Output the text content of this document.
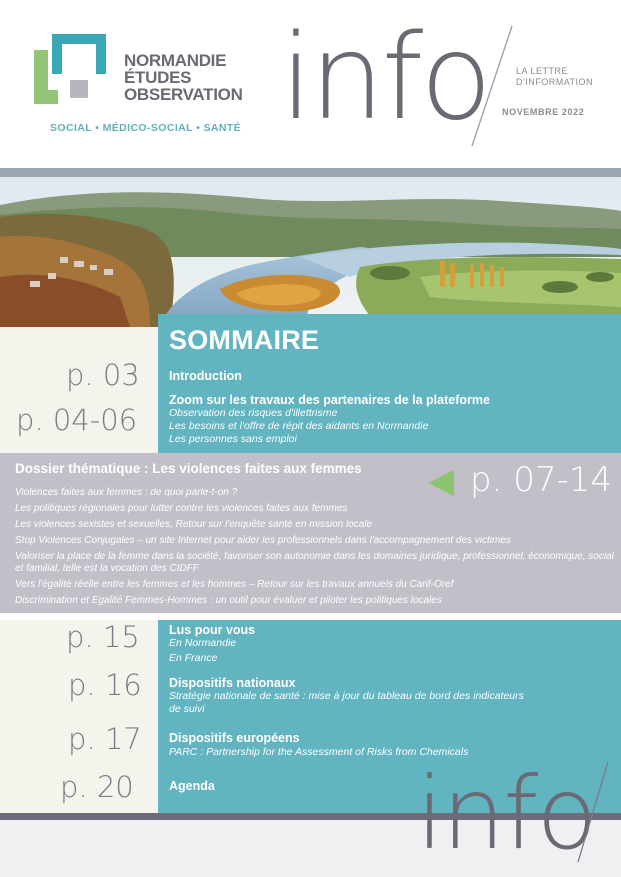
NORMANDIE
ÉTUDES
OBSERVATION
SOCIAL • MÉDICO-SOCIAL • SANTÉ info	LA LETTRE
D'INFORMATION
NOVEMBRE 2022
SOMMAIRE
p. 03 Introduction
p. 04-06
Zoom sur les travaux des partenaires de la plateforme
Observation des risques d'illettrisme
Les besoins et l'offre de répit des aidants en Normandie
Les personnes sans emploi
Dossier thématique : Les violences faites aux femmes	p. 07-14
Violences faites aux femmes : de quoi parle-t-on ?
Les politiques régionales pour lutter contre les violences faites aux femmes
Les violences sexistes et sexuelles, Retour sur l'enquête santé en mission locale
Stop Violences Conjugales – un site Internet pour aider les professionnels dans l'accompagnement des victimes
Valoriser la place de la femme dans la société, favoriser son autonomie dans les domaines juridique, professionnel, économique, social et familial, telle est la vocation des CIDFF
Vers l'égalité réelle entre les femmes et les hommes – Retour sur les travaux annuels du Carif-Oref
Discrimination et Egalité Femmes-Hommes : un outil pour évaluer et piloter les politiques locales
p. 15 Lus pour vous
En Normandie
En France
p. 16 Dispositifs nationaux
Stratégie nationale de santé : mise à jour du tableau de bord des indicateurs
de suivi
p. 17 Dispositifs européens
PARC : Partnership for the Assessment of Risks from Chemicals
p. 20	Agenda info
